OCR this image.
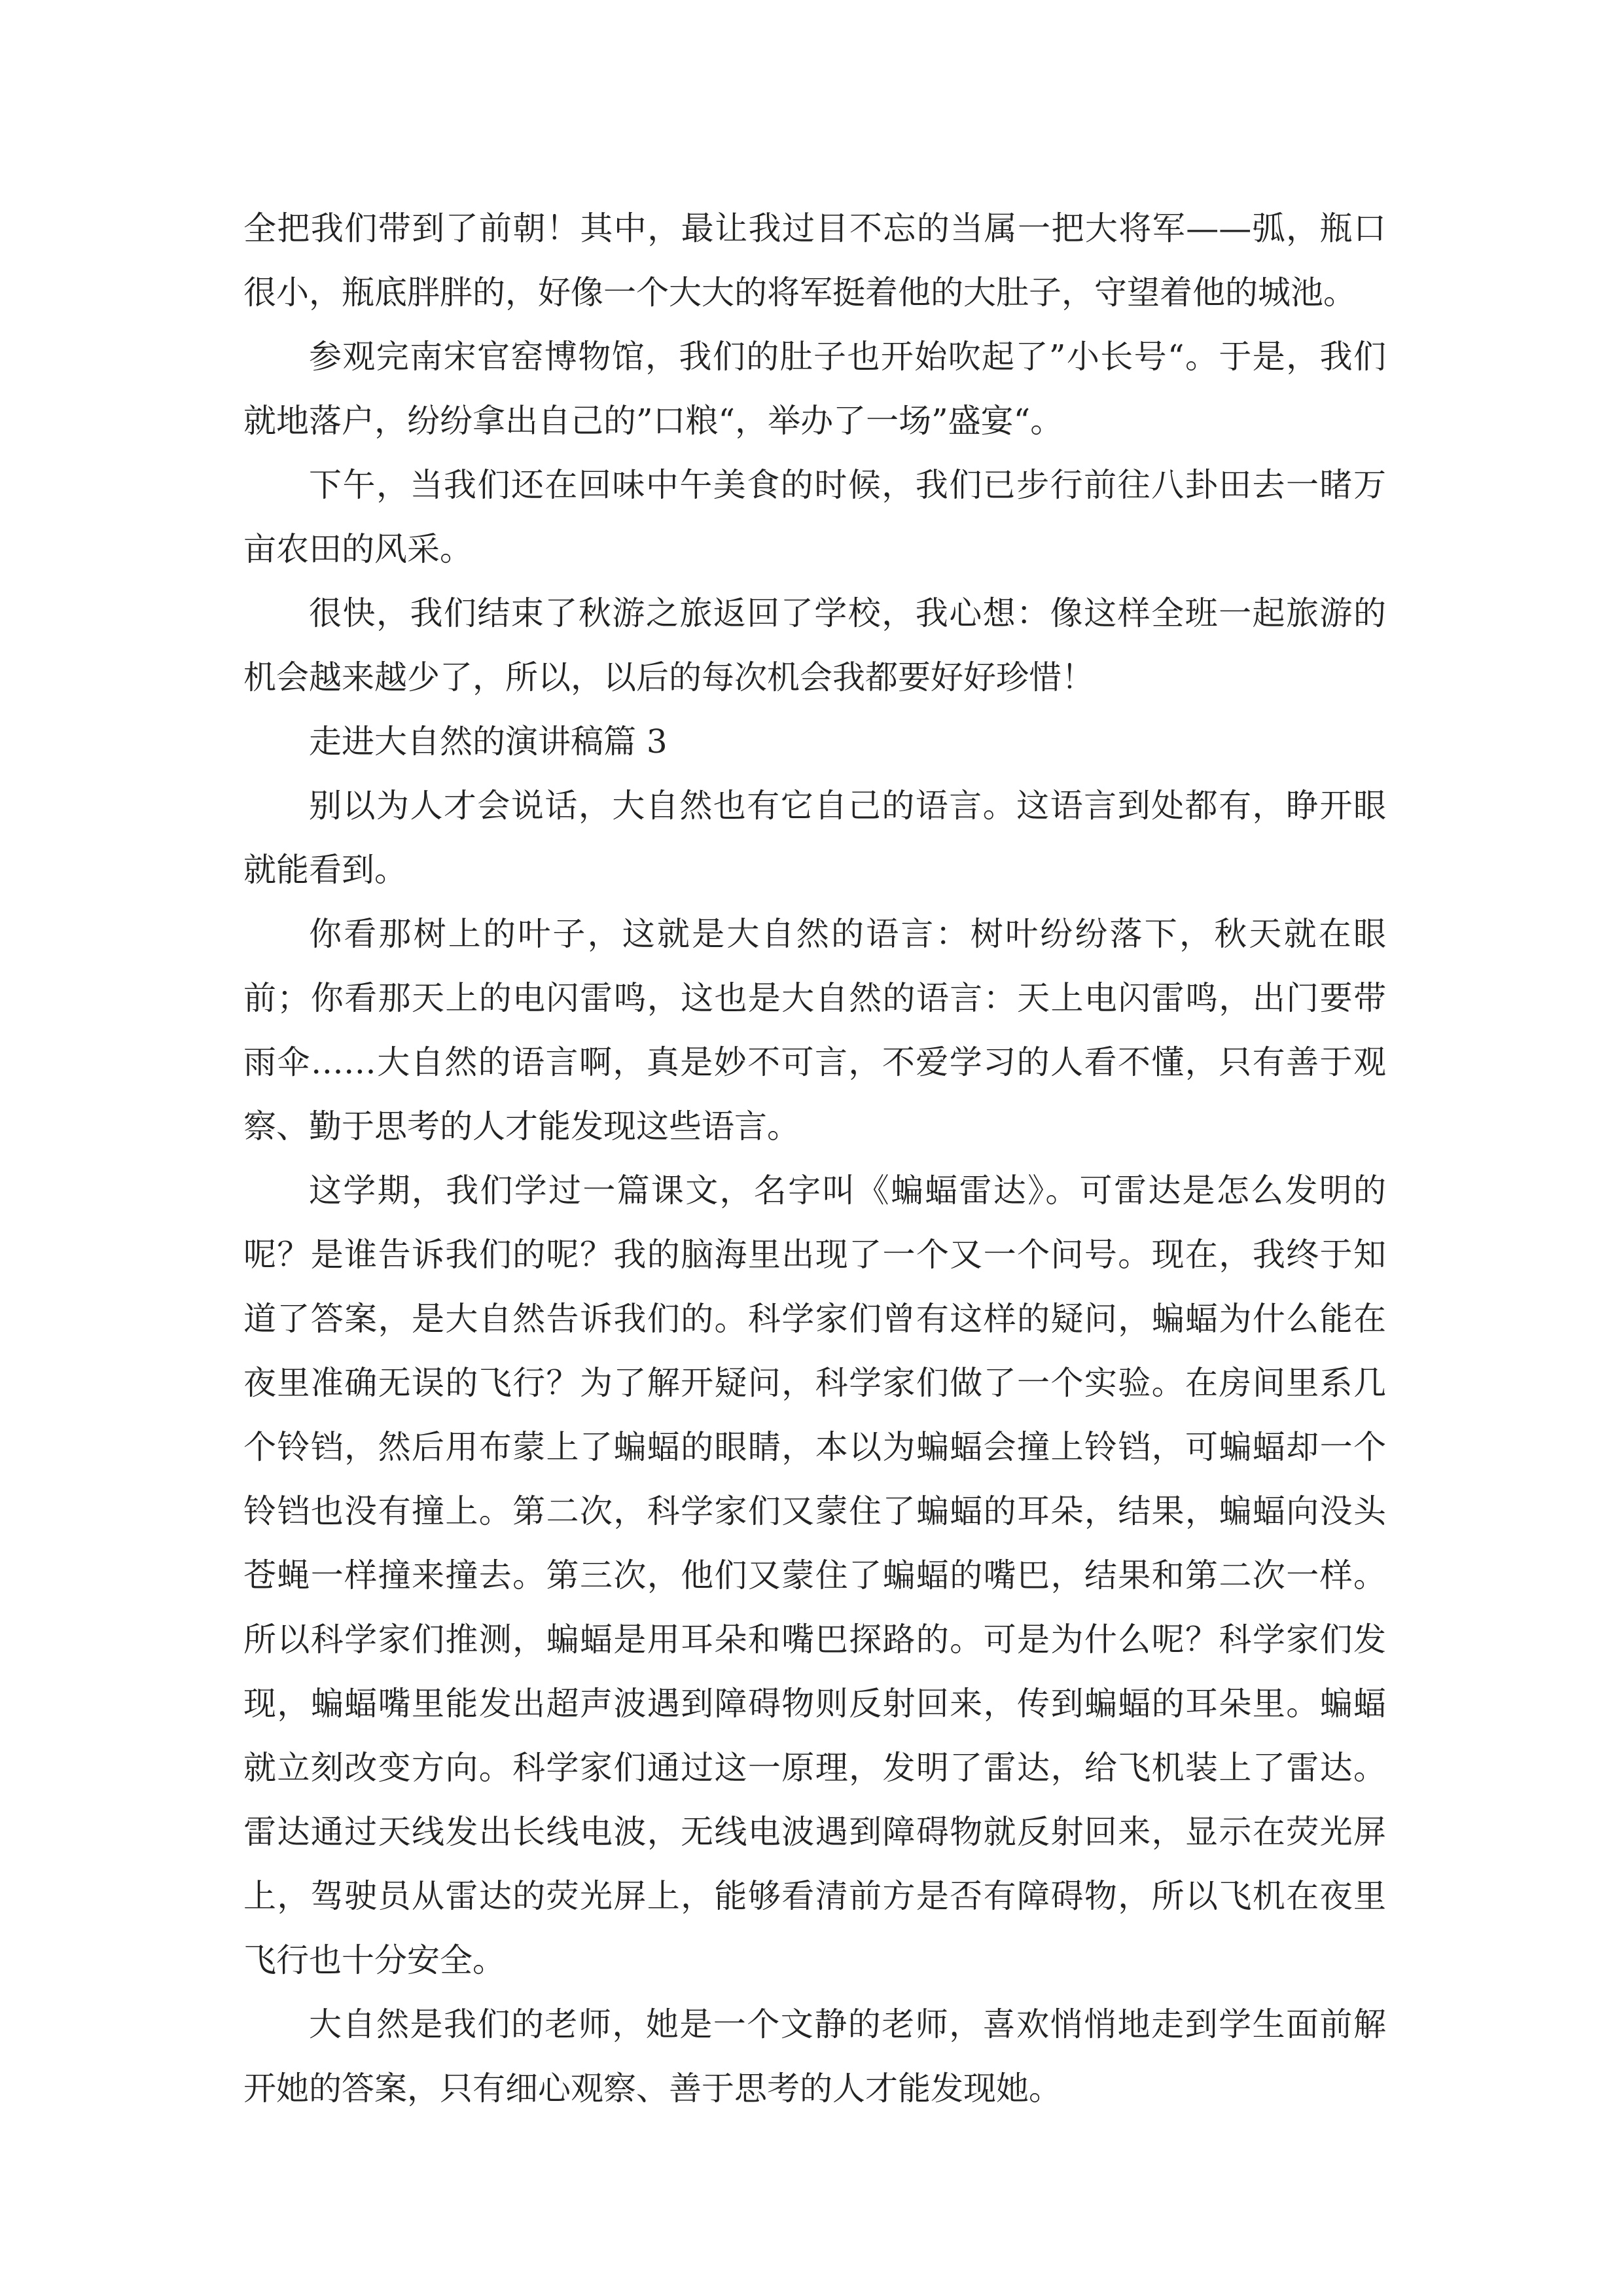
全把我们带到了前朝！其中，最让我过目不忘的当属一把大将军——弧，瓶口很小，瓶底胖胖的，好像一个大大的将军挺着他的大肚子，守望着他的城池。

参观完南宋官窑博物馆，我们的肚子也开始吹起了”小长号“。于是，我们就地落户，纷纷拿出自己的”口粮“，举办了一场”盛宴“。

下午，当我们还在回味中午美食的时候，我们已步行前往八卦田去一睹万亩农田的风采。

很快，我们结束了秋游之旅返回了学校，我心想：像这样全班一起旅游的机会越来越少了，所以，以后的每次机会我都要好好珍惜！

走进大自然的演讲稿篇 3

别以为人才会说话，大自然也有它自己的语言。这语言到处都有，睁开眼就能看到。

你看那树上的叶子，这就是大自然的语言：树叶纷纷落下，秋天就在眼前；你看那天上的电闪雷鸣，这也是大自然的语言：天上电闪雷鸣，出门要带雨伞……大自然的语言啊，真是妙不可言，不爱学习的人看不懂，只有善于观察、勤于思考的人才能发现这些语言。

这学期，我们学过一篇课文，名字叫《蝙蝠雷达》。可雷达是怎么发明的呢？是谁告诉我们的呢？我的脑海里出现了一个又一个问号。现在，我终于知道了答案，是大自然告诉我们的。科学家们曾有这样的疑问，蝙蝠为什么能在夜里准确无误的飞行？为了解开疑问，科学家们做了一个实验。在房间里系几个铃铛，然后用布蒙上了蝙蝠的眼睛，本以为蝙蝠会撞上铃铛，可蝙蝠却一个铃铛也没有撞上。第二次，科学家们又蒙住了蝙蝠的耳朵，结果，蝙蝠向没头苍蝇一样撞来撞去。第三次，他们又蒙住了蝙蝠的嘴巴，结果和第二次一样。所以科学家们推测，蝙蝠是用耳朵和嘴巴探路的。可是为什么呢？科学家们发现，蝙蝠嘴里能发出超声波遇到障碍物则反射回来，传到蝙蝠的耳朵里。蝙蝠就立刻改变方向。科学家们通过这一原理，发明了雷达，给飞机装上了雷达。雷达通过天线发出长线电波，无线电波遇到障碍物就反射回来，显示在荧光屏上，驾驶员从雷达的荧光屏上，能够看清前方是否有障碍物，所以飞机在夜里飞行也十分安全。

大自然是我们的老师，她是一个文静的老师，喜欢悄悄地走到学生面前解开她的答案，只有细心观察、善于思考的人才能发现她。
